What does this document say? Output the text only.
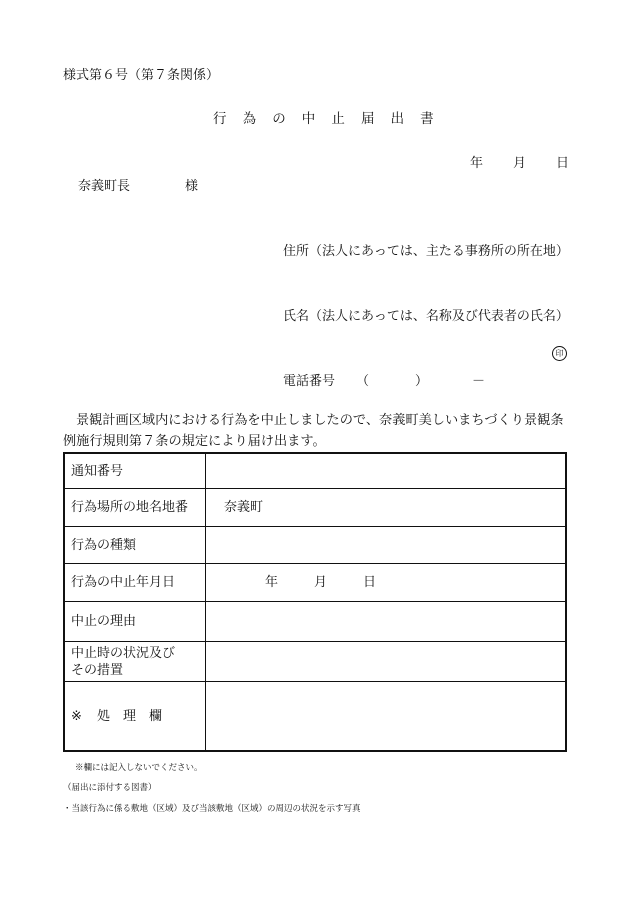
様式第６号（第７条関係）
行 為 の 中 止 届 出 書
年 月 日
奈義町長	様
住所（法人にあっては、主たる事務所の所在地）
氏名（法人にあっては、名称及び代表者の氏名）
印
電話番号 （	）	－
景観計画区域内における行為を中止しましたので、奈義町美しいまちづくり景観条例施行規則第７条の規定により届け出ます。
通知番号	
行為場所の地名地番	奈義町
行為の種類	
行為の中止年月日	年 月 日
中止の理由	

中止時の状況及び
その措置	

※ 処 理 欄	
※欄には記入しないでください。
（届出に添付する図書）
・当該行為に係る敷地（区域）及び当該敷地（区域）の周辺の状況を示す写真
